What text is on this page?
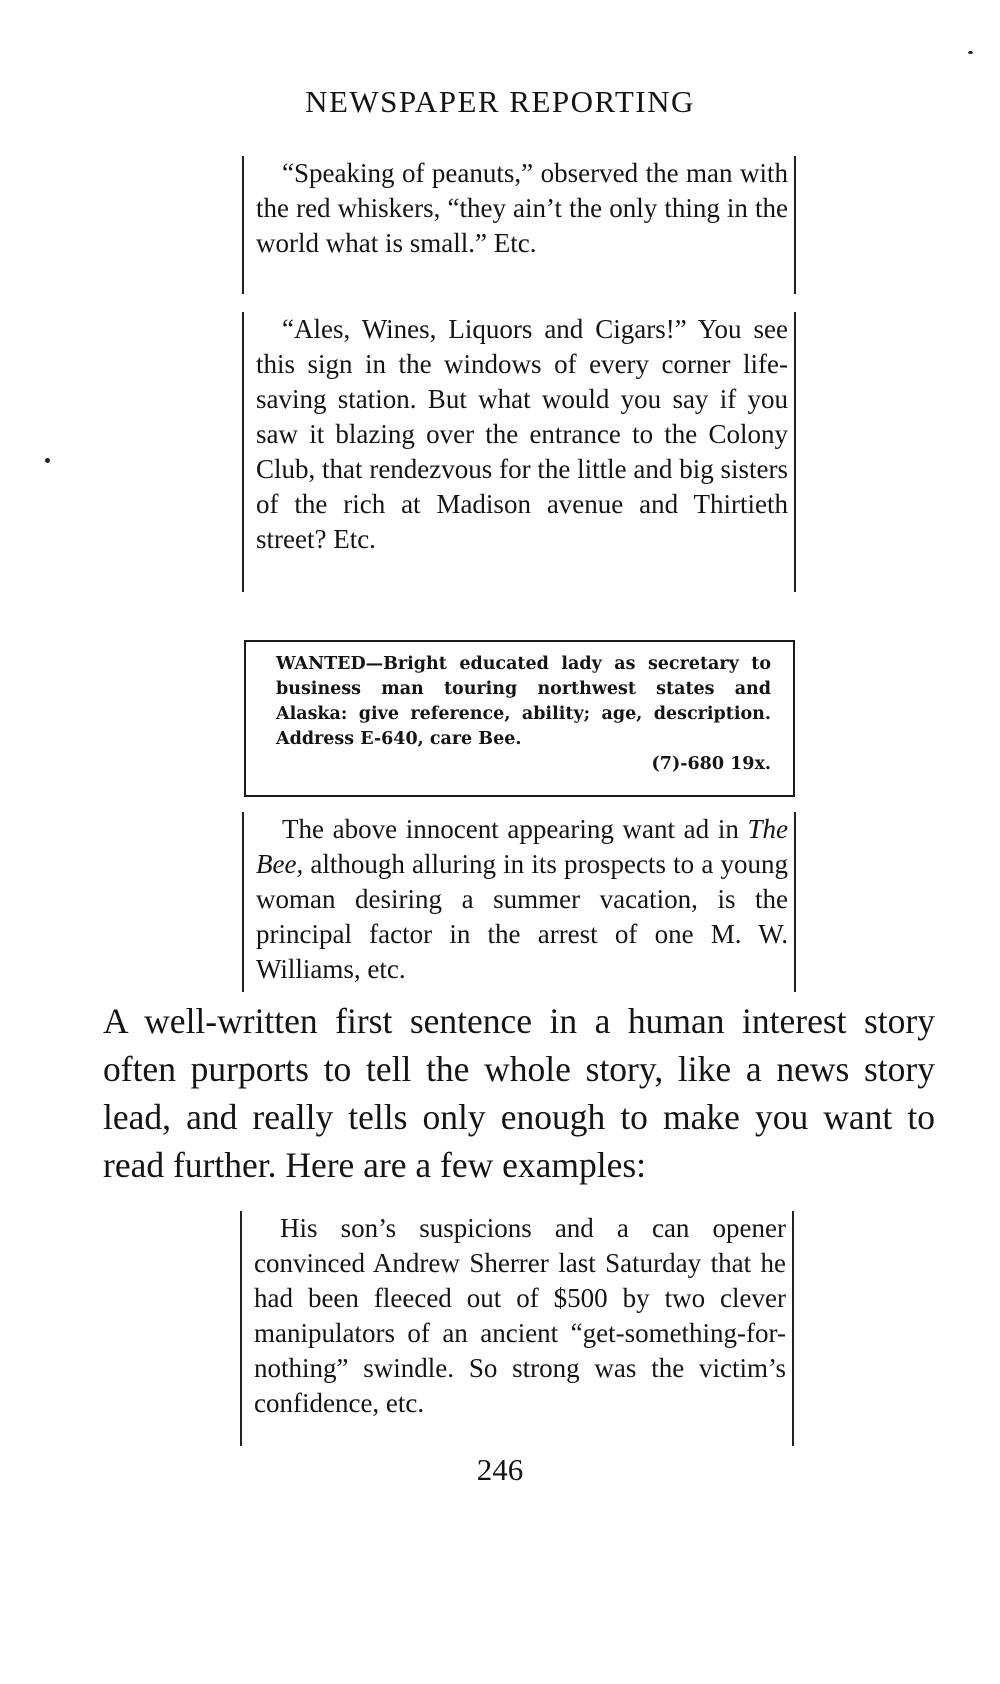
NEWSPAPER REPORTING

“Speaking of peanuts,” observed the man with the red whiskers, “they ain’t the only thing in the world what is small.” Etc.

“Ales, Wines, Liquors and Cigars!” You see this sign in the windows of every corner life-saving station. But what would you say if you saw it blazing over the entrance to the Colony Club, that rendezvous for the little and big sisters of the rich at Madison avenue and Thirtieth street? Etc.

WANTED—Bright educated lady as secretary to business man touring northwest states and Alaska: give reference, ability; age, description. Address E-640, care Bee.

(7)-680 19x.

The above innocent appearing want ad in The Bee, although alluring in its prospects to a young woman desiring a summer vacation, is the principal factor in the arrest of one M. W. Williams, etc.

A well-written first sentence in a human interest story often purports to tell the whole story, like a news story lead, and really tells only enough to make you want to read further. Here are a few examples:

His son’s suspicions and a can opener convinced Andrew Sherrer last Saturday that he had been fleeced out of $500 by two clever manipulators of an ancient “get-something-for-nothing” swindle. So strong was the victim’s confidence, etc.

246
